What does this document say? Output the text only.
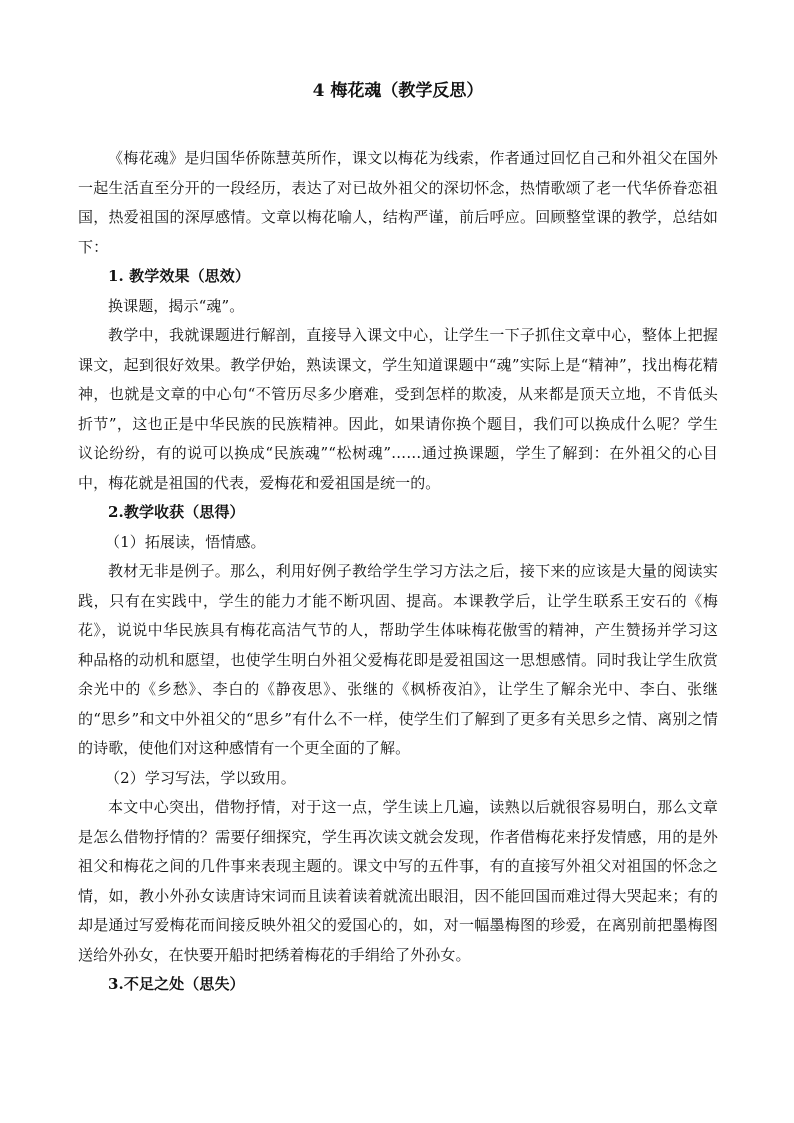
4 梅花魂（教学反思）

《梅花魂》是归国华侨陈慧英所作，课文以梅花为线索，作者通过回忆自己和外祖父在国外一起生活直至分开的一段经历，表达了对已故外祖父的深切怀念，热情歌颂了老一代华侨眷恋祖国，热爱祖国的深厚感情。文章以梅花喻人，结构严谨，前后呼应。回顾整堂课的教学，总结如下：

1. 教学效果（思效）

换课题，揭示“魂”。

教学中，我就课题进行解剖，直接导入课文中心，让学生一下子抓住文章中心，整体上把握课文，起到很好效果。教学伊始，熟读课文，学生知道课题中“魂”实际上是“精神”，找出梅花精神，也就是文章的中心句“不管历尽多少磨难，受到怎样的欺凌，从来都是顶天立地，不肯低头折节”，这也正是中华民族的民族精神。因此，如果请你换个题目，我们可以换成什么呢？学生议论纷纷，有的说可以换成“民族魂”“松树魂”……通过换课题，学生了解到：在外祖父的心目中，梅花就是祖国的代表，爱梅花和爱祖国是统一的。

2.教学收获（思得）

（1）拓展读，悟情感。

教材无非是例子。那么，利用好例子教给学生学习方法之后，接下来的应该是大量的阅读实践，只有在实践中，学生的能力才能不断巩固、提高。本课教学后，让学生联系王安石的《梅花》，说说中华民族具有梅花高洁气节的人，帮助学生体味梅花傲雪的精神，产生赞扬并学习这种品格的动机和愿望，也使学生明白外祖父爱梅花即是爱祖国这一思想感情。同时我让学生欣赏余光中的《乡愁》、李白的《静夜思》、张继的《枫桥夜泊》，让学生了解余光中、李白、张继的“思乡”和文中外祖父的“思乡”有什么不一样，使学生们了解到了更多有关思乡之情、离别之情的诗歌，使他们对这种感情有一个更全面的了解。

（2）学习写法，学以致用。

本文中心突出，借物抒情，对于这一点，学生读上几遍，读熟以后就很容易明白，那么文章是怎么借物抒情的？需要仔细探究，学生再次读文就会发现，作者借梅花来抒发情感，用的是外祖父和梅花之间的几件事来表现主题的。课文中写的五件事，有的直接写外祖父对祖国的怀念之情，如，教小外孙女读唐诗宋词而且读着读着就流出眼泪，因不能回国而难过得大哭起来；有的却是通过写爱梅花而间接反映外祖父的爱国心的，如，对一幅墨梅图的珍爱，在离别前把墨梅图送给外孙女，在快要开船时把绣着梅花的手绢给了外孙女。

3.不足之处（思失）
